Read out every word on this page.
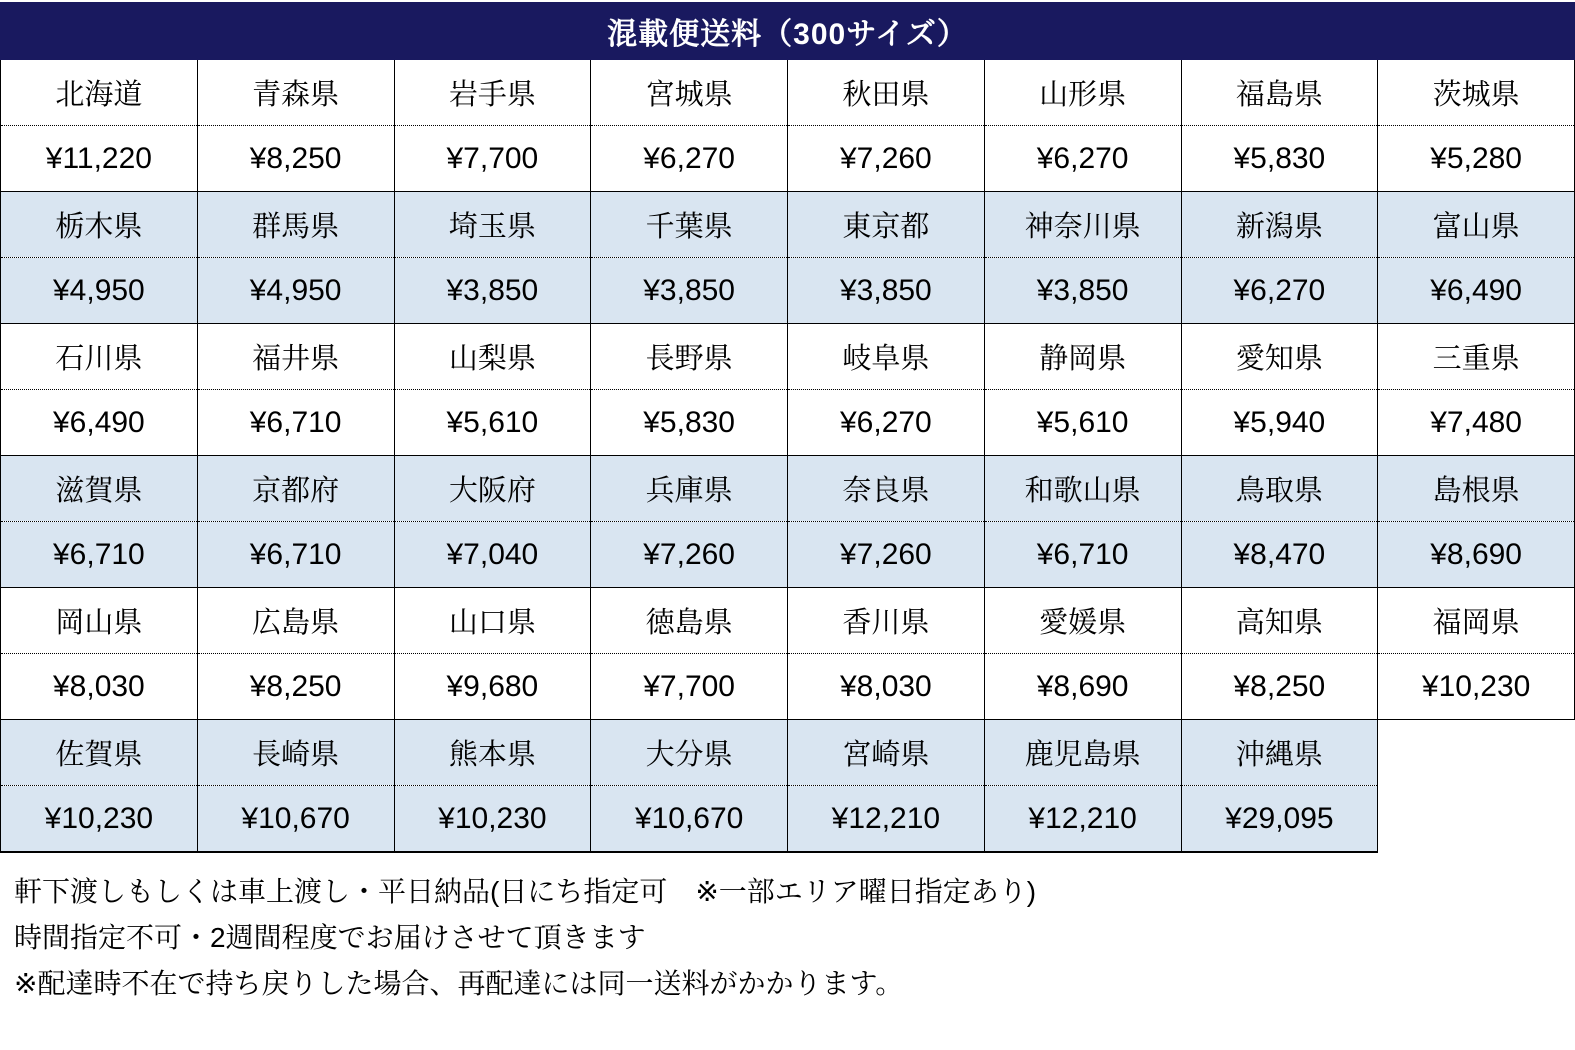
混載便送料（300サイズ）
北海道	青森県	岩手県	宮城県	秋田県	山形県	福島県	茨城県
¥11,220	¥8,250	¥7,700	¥6,270	¥7,260	¥6,270	¥5,830	¥5,280
栃木県	群馬県	埼玉県	千葉県	東京都	神奈川県	新潟県	富山県
¥4,950	¥4,950	¥3,850	¥3,850	¥3,850	¥3,850	¥6,270	¥6,490
石川県	福井県	山梨県	長野県	岐阜県	静岡県	愛知県	三重県
¥6,490	¥6,710	¥5,610	¥5,830	¥6,270	¥5,610	¥5,940	¥7,480
滋賀県	京都府	大阪府	兵庫県	奈良県	和歌山県	鳥取県	島根県
¥6,710	¥6,710	¥7,040	¥7,260	¥7,260	¥6,710	¥8,470	¥8,690
岡山県	広島県	山口県	徳島県	香川県	愛媛県	高知県	福岡県
¥8,030	¥8,250	¥9,680	¥7,700	¥8,030	¥8,690	¥8,250	¥10,230
佐賀県	長崎県	熊本県	大分県	宮崎県	鹿児島県	沖縄県	
¥10,230	¥10,670	¥10,230	¥10,670	¥12,210	¥12,210	¥29,095	
軒下渡しもしくは車上渡し・平日納品(日にち指定可　※一部エリア曜日指定あり)
時間指定不可・2週間程度でお届けさせて頂きます
※配達時不在で持ち戻りした場合、再配達には同一送料がかかります。
